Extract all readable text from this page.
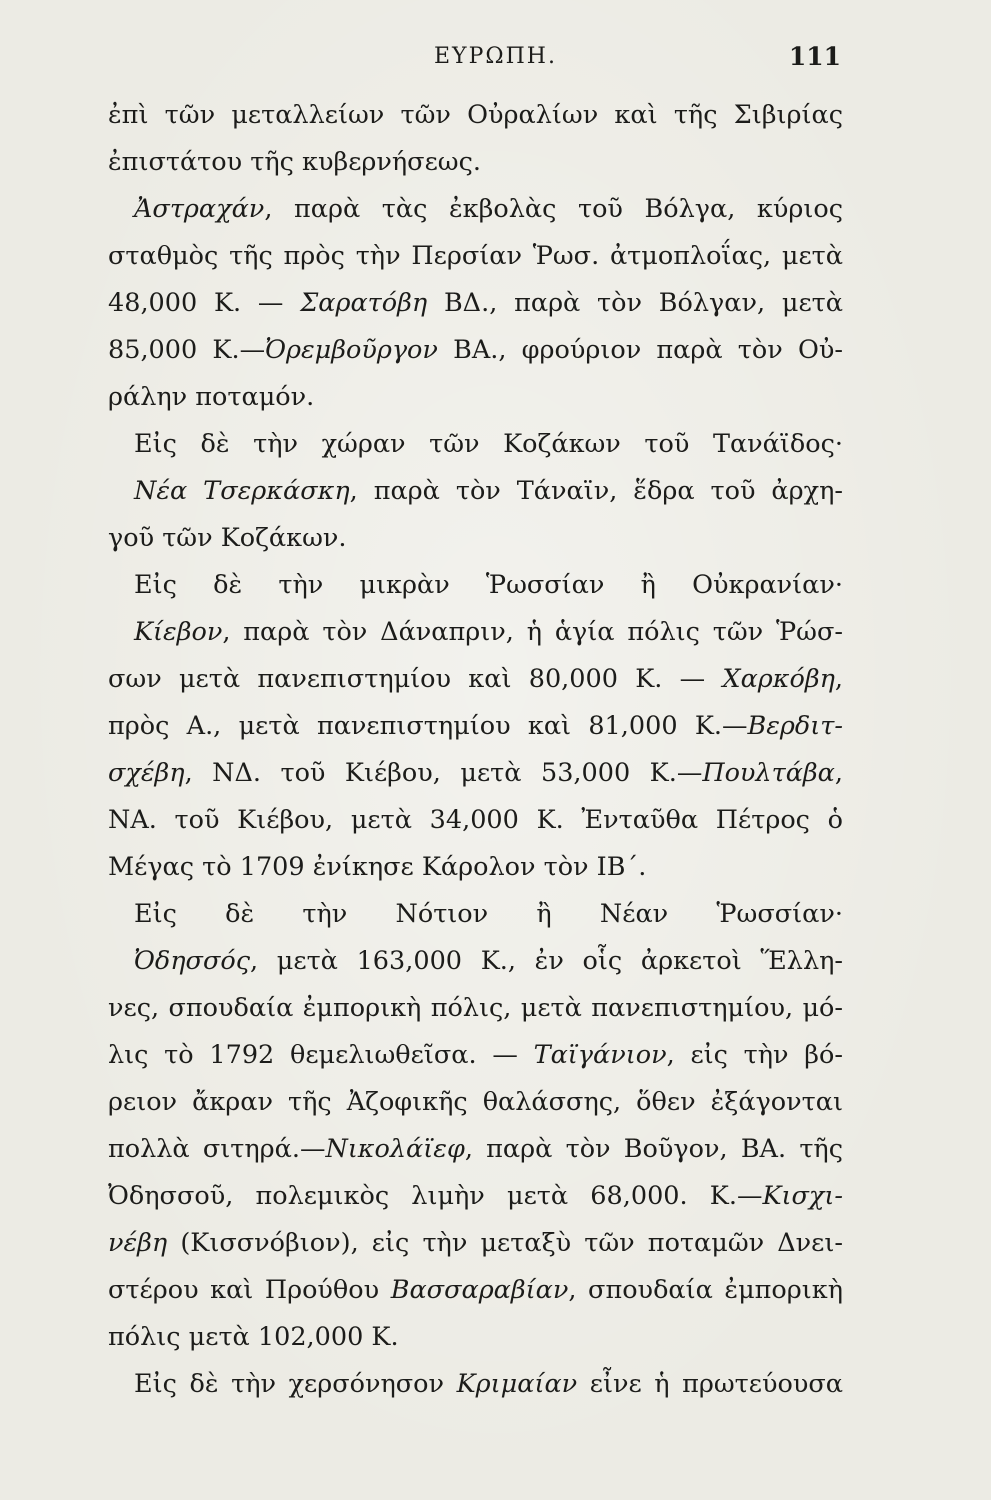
ΕΥΡΩΠΗ.	111
ἐπὶ τῶν μεταλλείων τῶν Οὐραλίων καὶ τῆς Σιβιρίας
ἐπιστάτου τῆς κυβερνήσεως.
Ἀστραχάν, παρὰ τὰς ἐκβολὰς τοῦ Βόλγα, κύριος
σταθμὸς τῆς πρὸς τὴν Περσίαν Ῥωσ. ἀτμοπλοΐας, μετὰ
48,000 Κ. — Σαρατόβη ΒΔ., παρὰ τὸν Βόλγαν, μετὰ
85,000 Κ.—Ὀρεμβοῦργον ΒΑ., φρούριον παρὰ τὸν Οὐ-
ράλην ποταμόν.
Εἰς δὲ τὴν χώραν τῶν Κοζάκων τοῦ Τανάϊδος·
Νέα Τσερκάσκη, παρὰ τὸν Τάναϊν, ἕδρα τοῦ ἀρχη-
γοῦ τῶν Κοζάκων.
Εἰς δὲ τὴν μικρὰν Ῥωσσίαν ἢ Οὐκρανίαν·
Κίεβον, παρὰ τὸν Δάναπριν, ἡ ἁγία πόλις τῶν Ῥώσ-
σων μετὰ πανεπιστημίου καὶ 80,000 Κ. — Χαρκόβη,
πρὸς Α., μετὰ πανεπιστημίου καὶ 81,000 Κ.—Βερδιτ-
σχέβη, ΝΔ. τοῦ Κιέβου, μετὰ 53,000 Κ.—Πουλτάβα,
ΝΑ. τοῦ Κιέβου, μετὰ 34,000 Κ. Ἐνταῦθα Πέτρος ὁ
Μέγας τὸ 1709 ἐνίκησε Κάρολον τὸν ΙΒ΄.
Εἰς δὲ τὴν Νότιον ἢ Νέαν Ῥωσσίαν·
Ὀδησσός, μετὰ 163,000 Κ., ἐν οἷς ἀρκετοὶ Ἕλλη-
νες, σπουδαία ἐμπορικὴ πόλις, μετὰ πανεπιστημίου, μό-
λις τὸ 1792 θεμελιωθεῖσα. — Ταϊγάνιον, εἰς τὴν βό-
ρειον ἄκραν τῆς Ἀζοφικῆς θαλάσσης, ὅθεν ἐξάγονται
πολλὰ σιτηρά.—Νικολάϊεφ, παρὰ τὸν Βοῦγον, ΒΑ. τῆς
Ὀδησσοῦ, πολεμικὸς λιμὴν μετὰ 68,000. Κ.—Κισχι-
νέβη (Κισσνόβιον), εἰς τὴν μεταξὺ τῶν ποταμῶν Δνει-
στέρου καὶ Προύθου Βασσαραβίαν, σπουδαία ἐμπορικὴ
πόλις μετὰ 102,000 Κ.
Εἰς δὲ τὴν χερσόνησον Κριμαίαν εἶνε ἡ πρωτεύουσα
